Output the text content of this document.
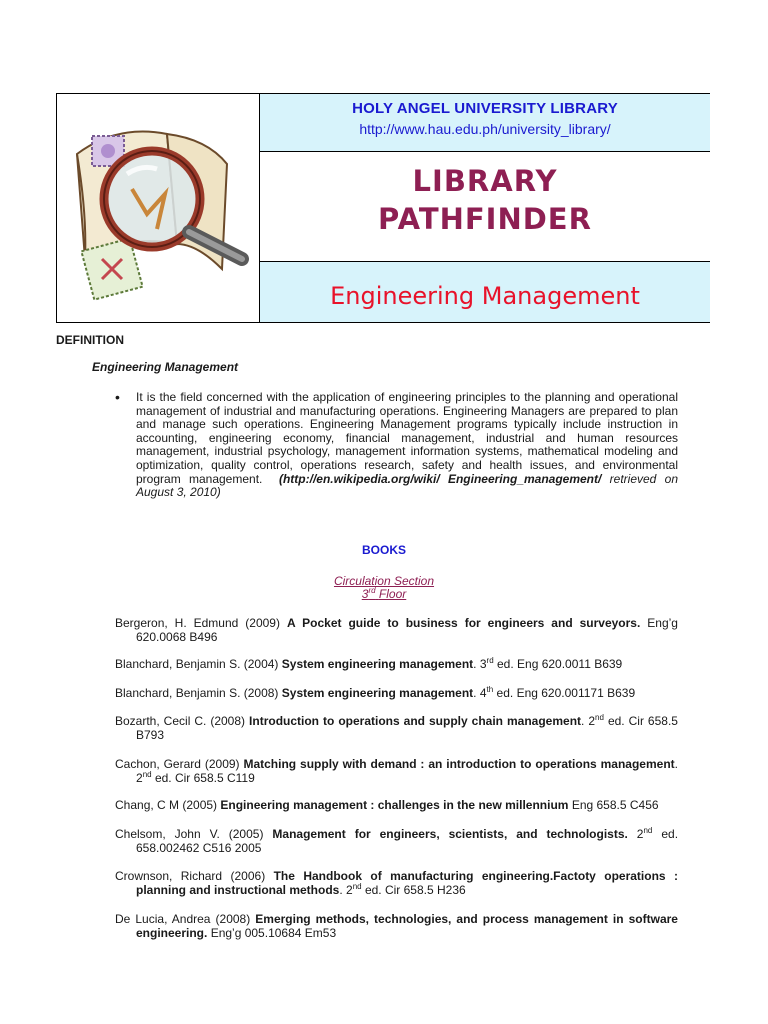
HOLY ANGEL UNIVERSITY LIBRARY
http://www.hau.edu.ph/university_library/
LIBRARY
PATHFINDER
Engineering Management
DEFINITION
Engineering Management
• It is the field concerned with the application of engineering principles to the planning and operational management of industrial and manufacturing operations. Engineering Managers are prepared to plan and manage such operations. Engineering Management programs typically include instruction in accounting, engineering economy, financial management, industrial and human resources management, industrial psychology, management information systems, mathematical modeling and optimization, quality control, operations research, safety and health issues, and environmental program management. (http://en.wikipedia.org/wiki/ Engineering_management/ retrieved on August 3, 2010)
BOOKS
Circulation Section
3rd Floor
Bergeron, H. Edmund (2009) A Pocket guide to business for engineers and surveyors. Eng’g 620.0068 B496
Blanchard, Benjamin S. (2004) System engineering management. 3rd ed. Eng 620.0011 B639
Blanchard, Benjamin S. (2008) System engineering management. 4th ed. Eng 620.001171 B639
Bozarth, Cecil C. (2008) Introduction to operations and supply chain management. 2nd ed. Cir 658.5 B793
Cachon, Gerard (2009) Matching supply with demand : an introduction to operations management. 2nd ed. Cir 658.5 C119
Chang, C M (2005) Engineering management : challenges in the new millennium Eng 658.5 C456
Chelsom, John V. (2005) Management for engineers, scientists, and technologists. 2nd ed. 658.002462 C516 2005
Crownson, Richard (2006) The Handbook of manufacturing engineering.Factoty operations : planning and instructional methods. 2nd ed. Cir 658.5 H236
De Lucia, Andrea (2008) Emerging methods, technologies, and process management in software engineering. Eng’g 005.10684 Em53
